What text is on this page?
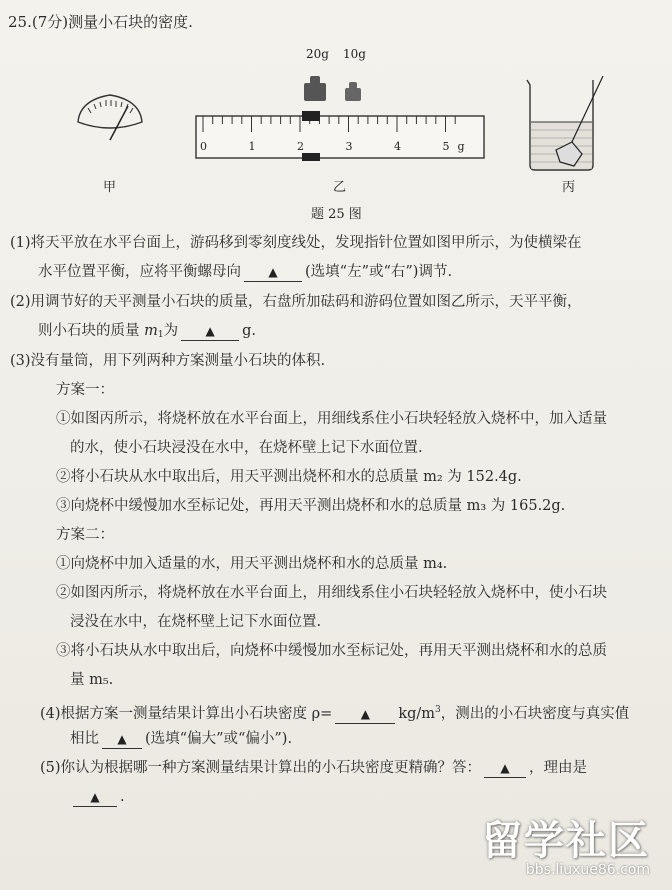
25.(7分)测量小石块的密度.
20g 10g
0	1	2	3	4	5 g
甲	乙	丙
题 25 图
(1)将天平放在水平台面上，游码移到零刻度线处，发现指针位置如图甲所示，为使横梁在
水平位置平衡，应将平衡螺母向 ▲ (选填“左”或“右”)调节.
(2)用调节好的天平测量小石块的质量，右盘所加砝码和游码位置如图乙所示，天平平衡，
则小石块的质量 $m_1$为 ▲ g.
(3)没有量筒，用下列两种方案测量小石块的体积.
方案一：
①如图丙所示，将烧杯放在水平台面上，用细线系住小石块轻轻放入烧杯中，加入适量
的水，使小石块浸没在水中，在烧杯壁上记下水面位置.
②将小石块从水中取出后，用天平测出烧杯和水的总质量 m₂ 为 152.4g.
③向烧杯中缓慢加水至标记处，再用天平测出烧杯和水的总质量 m₃ 为 165.2g.
方案二：
①向烧杯中加入适量的水，用天平测出烧杯和水的总质量 m₄.
②如图丙所示，将烧杯放在水平台面上，用细线系住小石块轻轻放入烧杯中，使小石块
浸没在水中，在烧杯壁上记下水面位置.
③将小石块从水中取出后，向烧杯中缓慢加水至标记处，再用天平测出烧杯和水的总质
量 m₅.
(4)根据方案一测量结果计算出小石块密度 ρ= ▲ $kg/m^3$，测出的小石块密度与真实值
相比 ▲ (选填“偏大”或“偏小”).
(5)你认为根据哪一种方案测量结果计算出的小石块密度更精确？答： ▲ ，理由是
▲ .
留学社区
bbs.liuxue86.com
